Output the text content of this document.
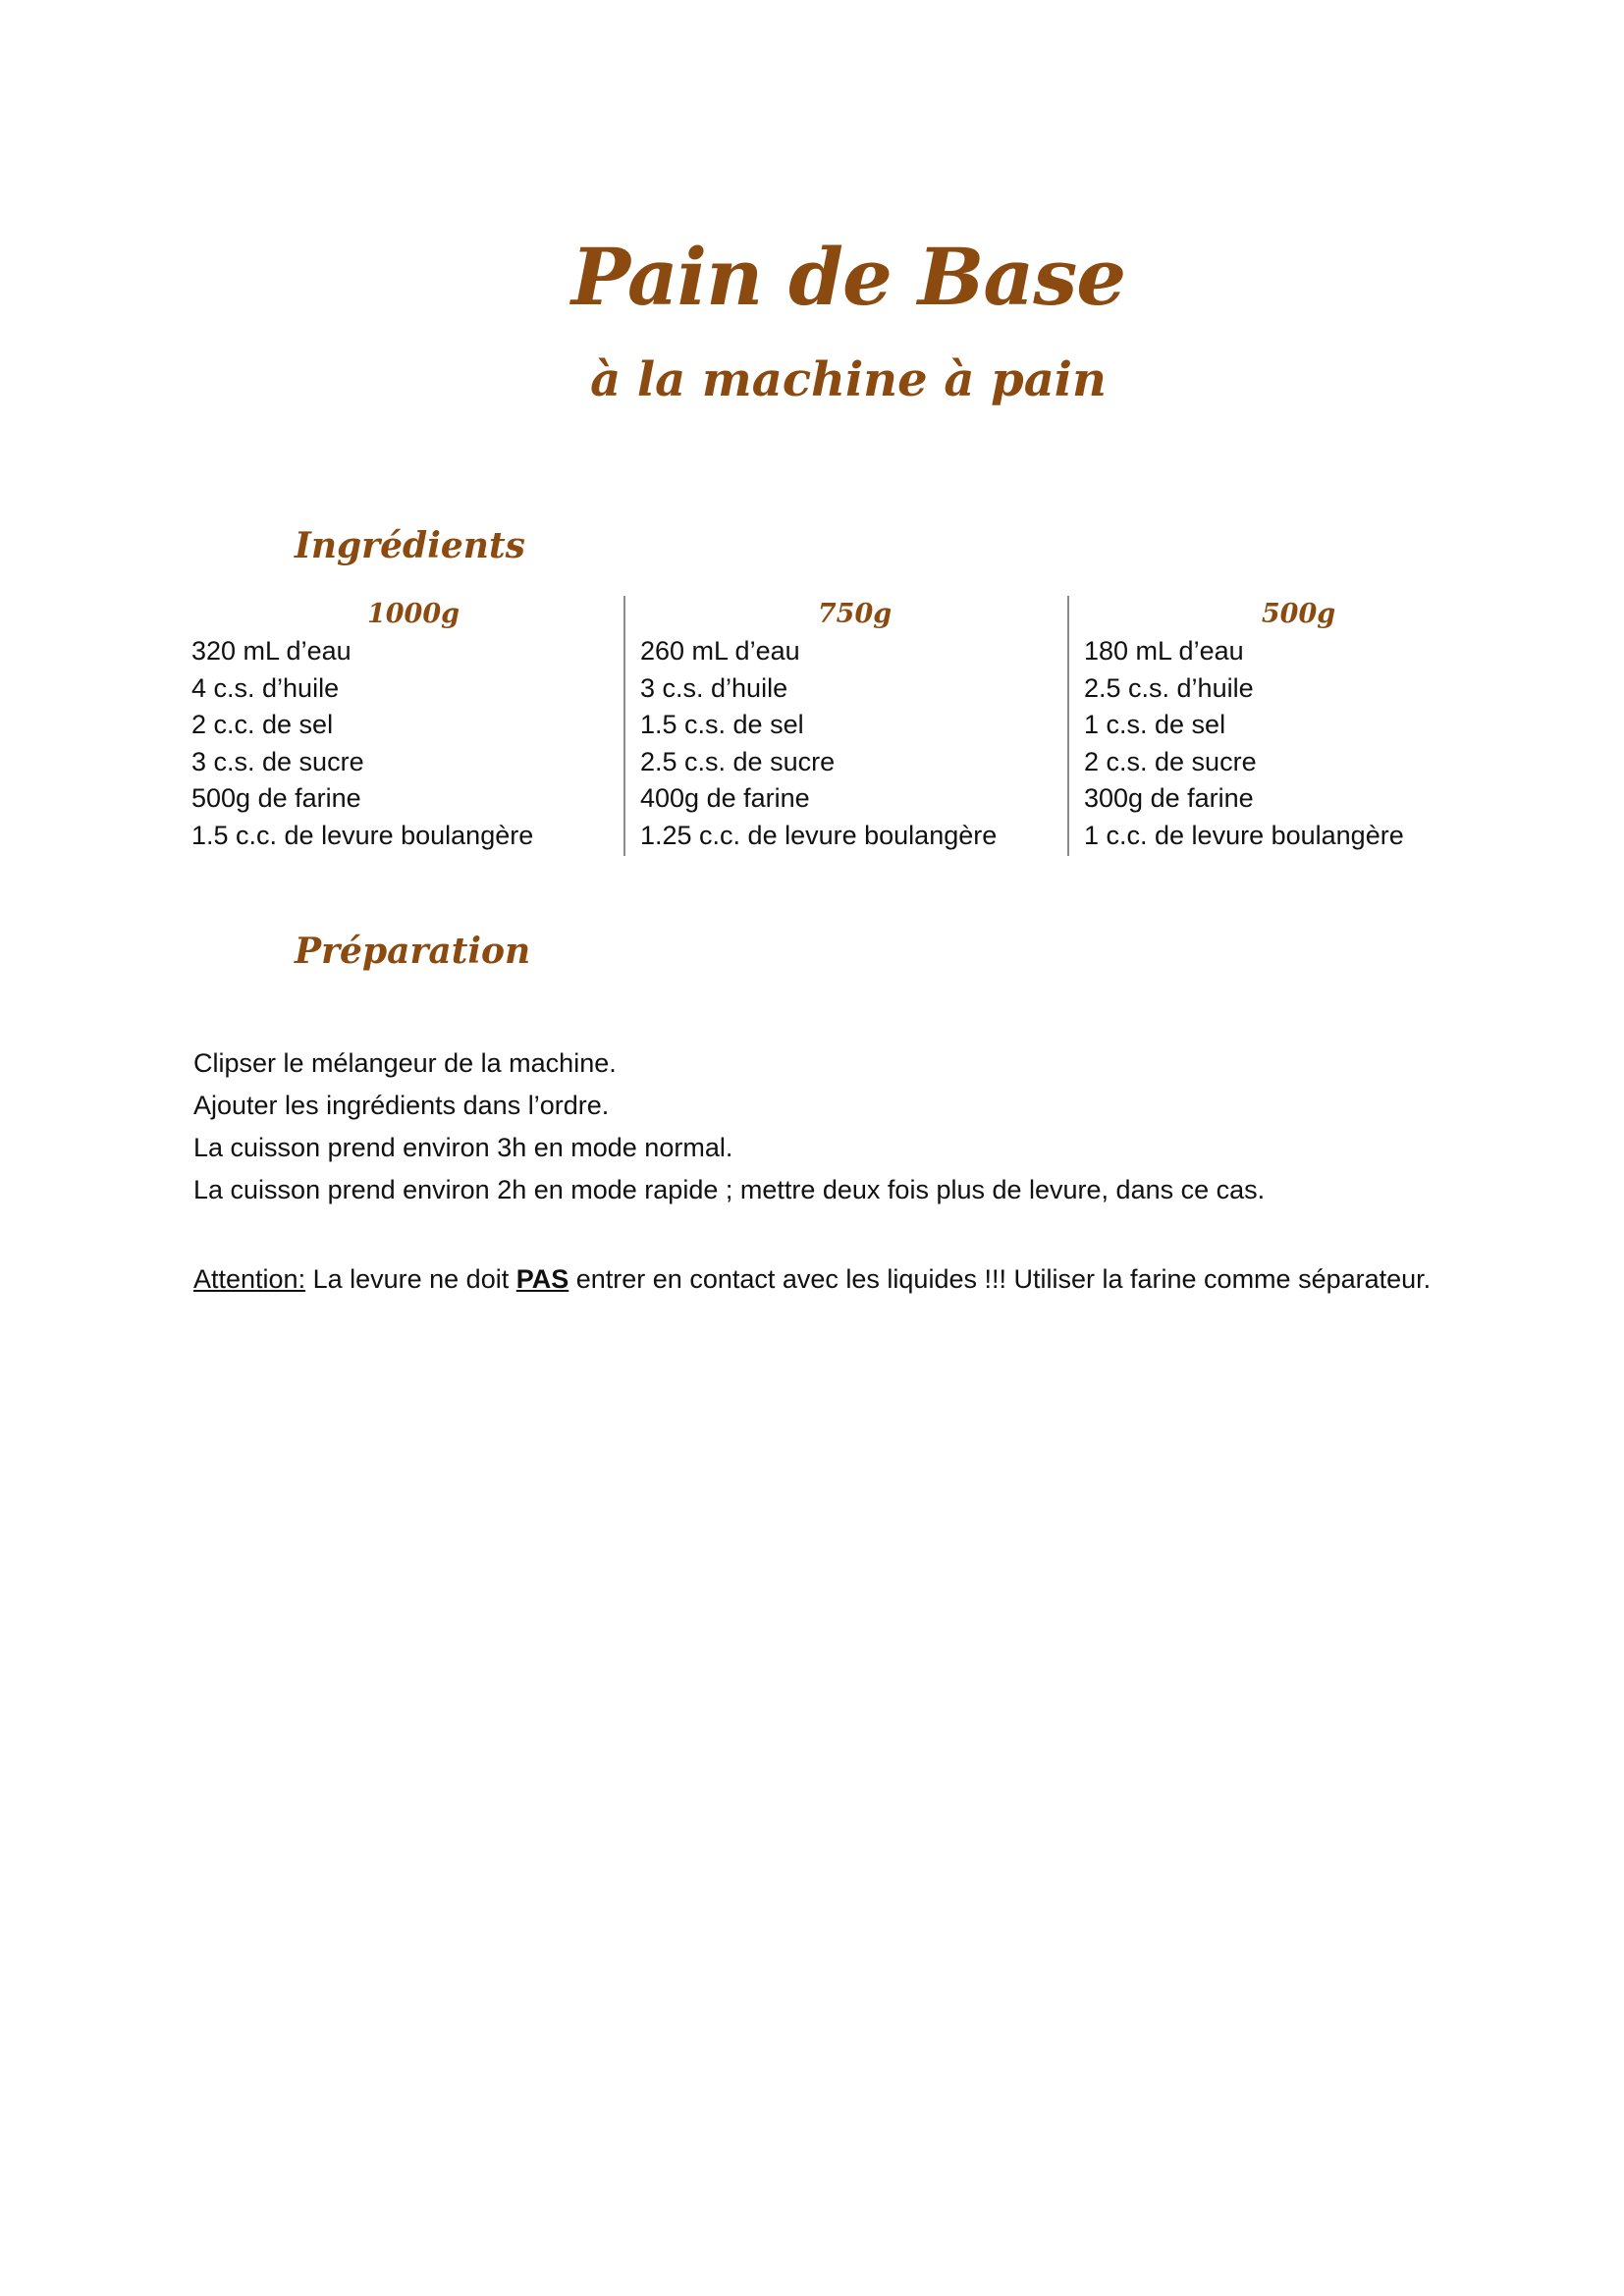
Pain de Base
à la machine à pain
Ingrédients
1000g
320 mL d’eau
4 c.s. d’huile
2 c.c. de sel
3 c.s. de sucre
500g de farine
1.5 c.c. de levure boulangère
750g
260 mL d’eau
3 c.s. d’huile
1.5 c.s. de sel
2.5 c.s. de sucre
400g de farine
1.25 c.c. de levure boulangère
500g
180 mL d’eau
2.5 c.s. d’huile
1 c.s. de sel
2 c.s. de sucre
300g de farine
1 c.c. de levure boulangère
Préparation

Clipser le mélangeur de la machine.

Ajouter les ingrédients dans l’ordre.

La cuisson prend environ 3h en mode normal.

La cuisson prend environ 2h en mode rapide ; mettre deux fois plus de levure, dans ce cas.

Attention: La levure ne doit PAS entrer en contact avec les liquides !!! Utiliser la farine comme séparateur.
